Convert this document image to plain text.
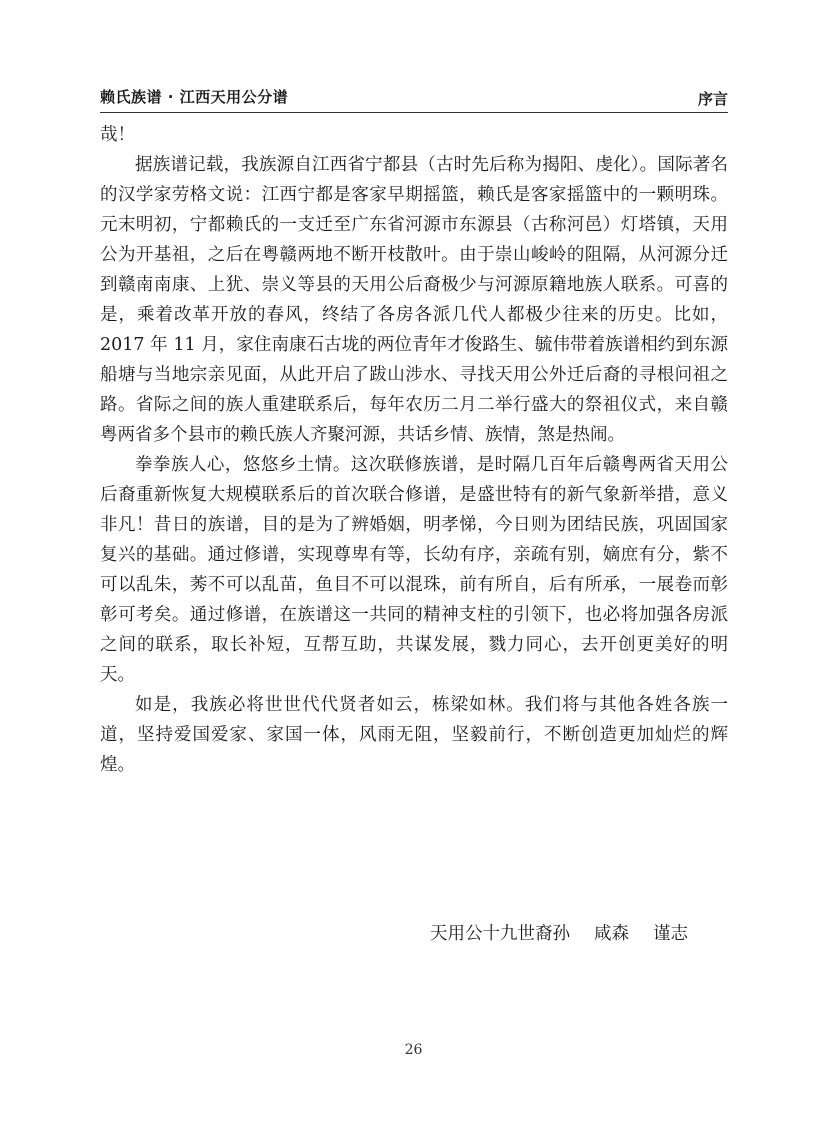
赖氏族谱 · 江西天用公分谱	序言

哉！

据族谱记载，我族源自江西省宁都县（古时先后称为揭阳、虔化）。国际著名的汉学家劳格文说：江西宁都是客家早期摇篮，赖氏是客家摇篮中的一颗明珠。元末明初，宁都赖氏的一支迁至广东省河源市东源县（古称河邑）灯塔镇，天用公为开基祖，之后在粤赣两地不断开枝散叶。由于崇山峻岭的阻隔，从河源分迁到赣南南康、上犹、崇义等县的天用公后裔极少与河源原籍地族人联系。可喜的是，乘着改革开放的春风，终结了各房各派几代人都极少往来的历史。比如，2017 年 11 月，家住南康石古垅的两位青年才俊路生、毓伟带着族谱相约到东源船塘与当地宗亲见面，从此开启了跋山涉水、寻找天用公外迁后裔的寻根问祖之路。省际之间的族人重建联系后，每年农历二月二举行盛大的祭祖仪式，来自赣粤两省多个县市的赖氏族人齐聚河源，共话乡情、族情，煞是热闹。

拳拳族人心，悠悠乡土情。这次联修族谱，是时隔几百年后赣粤两省天用公后裔重新恢复大规模联系后的首次联合修谱，是盛世特有的新气象新举措，意义非凡！昔日的族谱，目的是为了辨婚姻，明孝悌，今日则为团结民族，巩固国家复兴的基础。通过修谱，实现尊卑有等，长幼有序，亲疏有别，嫡庶有分，紫不可以乱朱，莠不可以乱苗，鱼目不可以混珠，前有所自，后有所承，一展卷而彰彰可考矣。通过修谱，在族谱这一共同的精神支柱的引领下，也必将加强各房派之间的联系，取长补短，互帮互助，共谋发展，戮力同心，去开创更美好的明天。

如是，我族必将世世代代贤者如云，栋梁如林。我们将与其他各姓各族一道，坚持爱国爱家、家国一体，风雨无阻，坚毅前行，不断创造更加灿烂的辉煌。

天用公十九世裔孙 咸森 谨志
26
